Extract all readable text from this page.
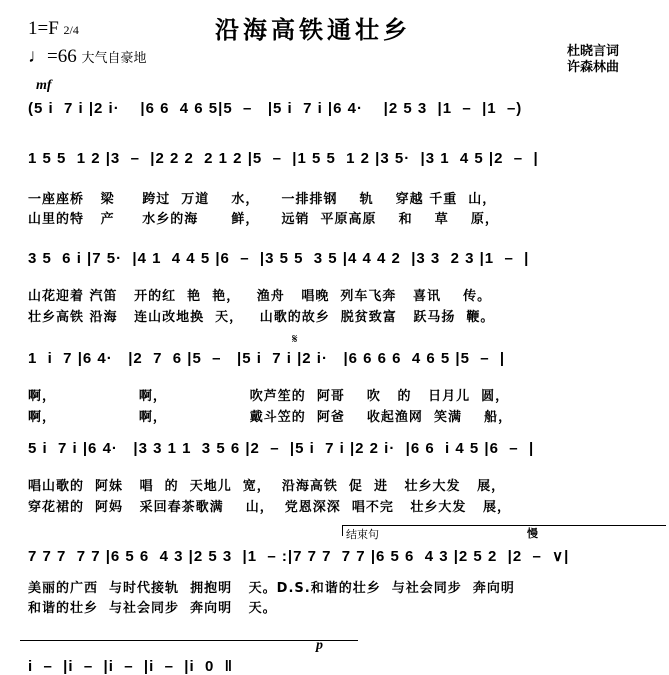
沿海高铁通壮乡
1=F 2/4
♩=66 大气自豪地	杜晓言词
许森林曲
mf
(5 i  7 i |2 i·    |6 6  4 6 5|5  –   |5 i  7 i |6 4·    |2 5 3  |1  –  |1  –)
1 5 5  1 2 |3  –  |2 2 2  2 1 2 |5  –  |1 5 5  1 2 |3 5·  |3 1  4 5 |2  –  |
一座座桥   梁     跨过  万道    水，    一排排钢    轨    穿越 千重  山，
山里的特   产     水乡的海      鲜，    远销  平原高原    和    草    原，
3 5  6 i |7 5·  |4 1  4 4 5 |6  –  |3 5 5  3 5 |4 4 4 2  |3 3  2 3 |1  –  |
山花迎着 汽笛   开的红  艳  艳，   渔舟   唱晚  列车飞奔   喜讯    传。
壮乡高铁 沿海   连山改地换  天，   山歌的故乡  脱贫致富   跃马扬  鞭。
𝄋
1  i  7 |6 4·   |2  7  6 |5  –   |5 i  7 i |2 i·   |6 6 6 6  4 6 5 |5  –  |
啊，               啊，               吹芦笙的  阿哥    吹   的   日月儿  圆，
啊，               啊，               戴斗笠的  阿爸    收起渔网  笑满    船，
5 i  7 i |6 4·   |3 3 1 1  3 5 6 |2  –  |5 i  7 i |2 2 i·  |6 6  i 4 5 |6  –  |
唱山歌的  阿妹   唱  的  天地儿  宽，  沿海高铁  促  进   壮乡大发   展，
穿花裙的  阿妈   采回春茶歌满    山，  党恩深深  唱不完   壮乡大发   展，
结束句	慢
7 7 7  7 7 |6 5 6  4 3 |2 5 3  |1  – :|7 7 7  7 7 |6 5 6  4 3 |2 5 2  |2  –  ∨|
美丽的广西  与时代接轨  拥抱明   天。D.S.和谐的壮乡  与社会同步  奔向明
和谐的壮乡  与社会同步  奔向明   天。
p
i  –  |i  –  |i  –  |i  –  |i  0  ‖
